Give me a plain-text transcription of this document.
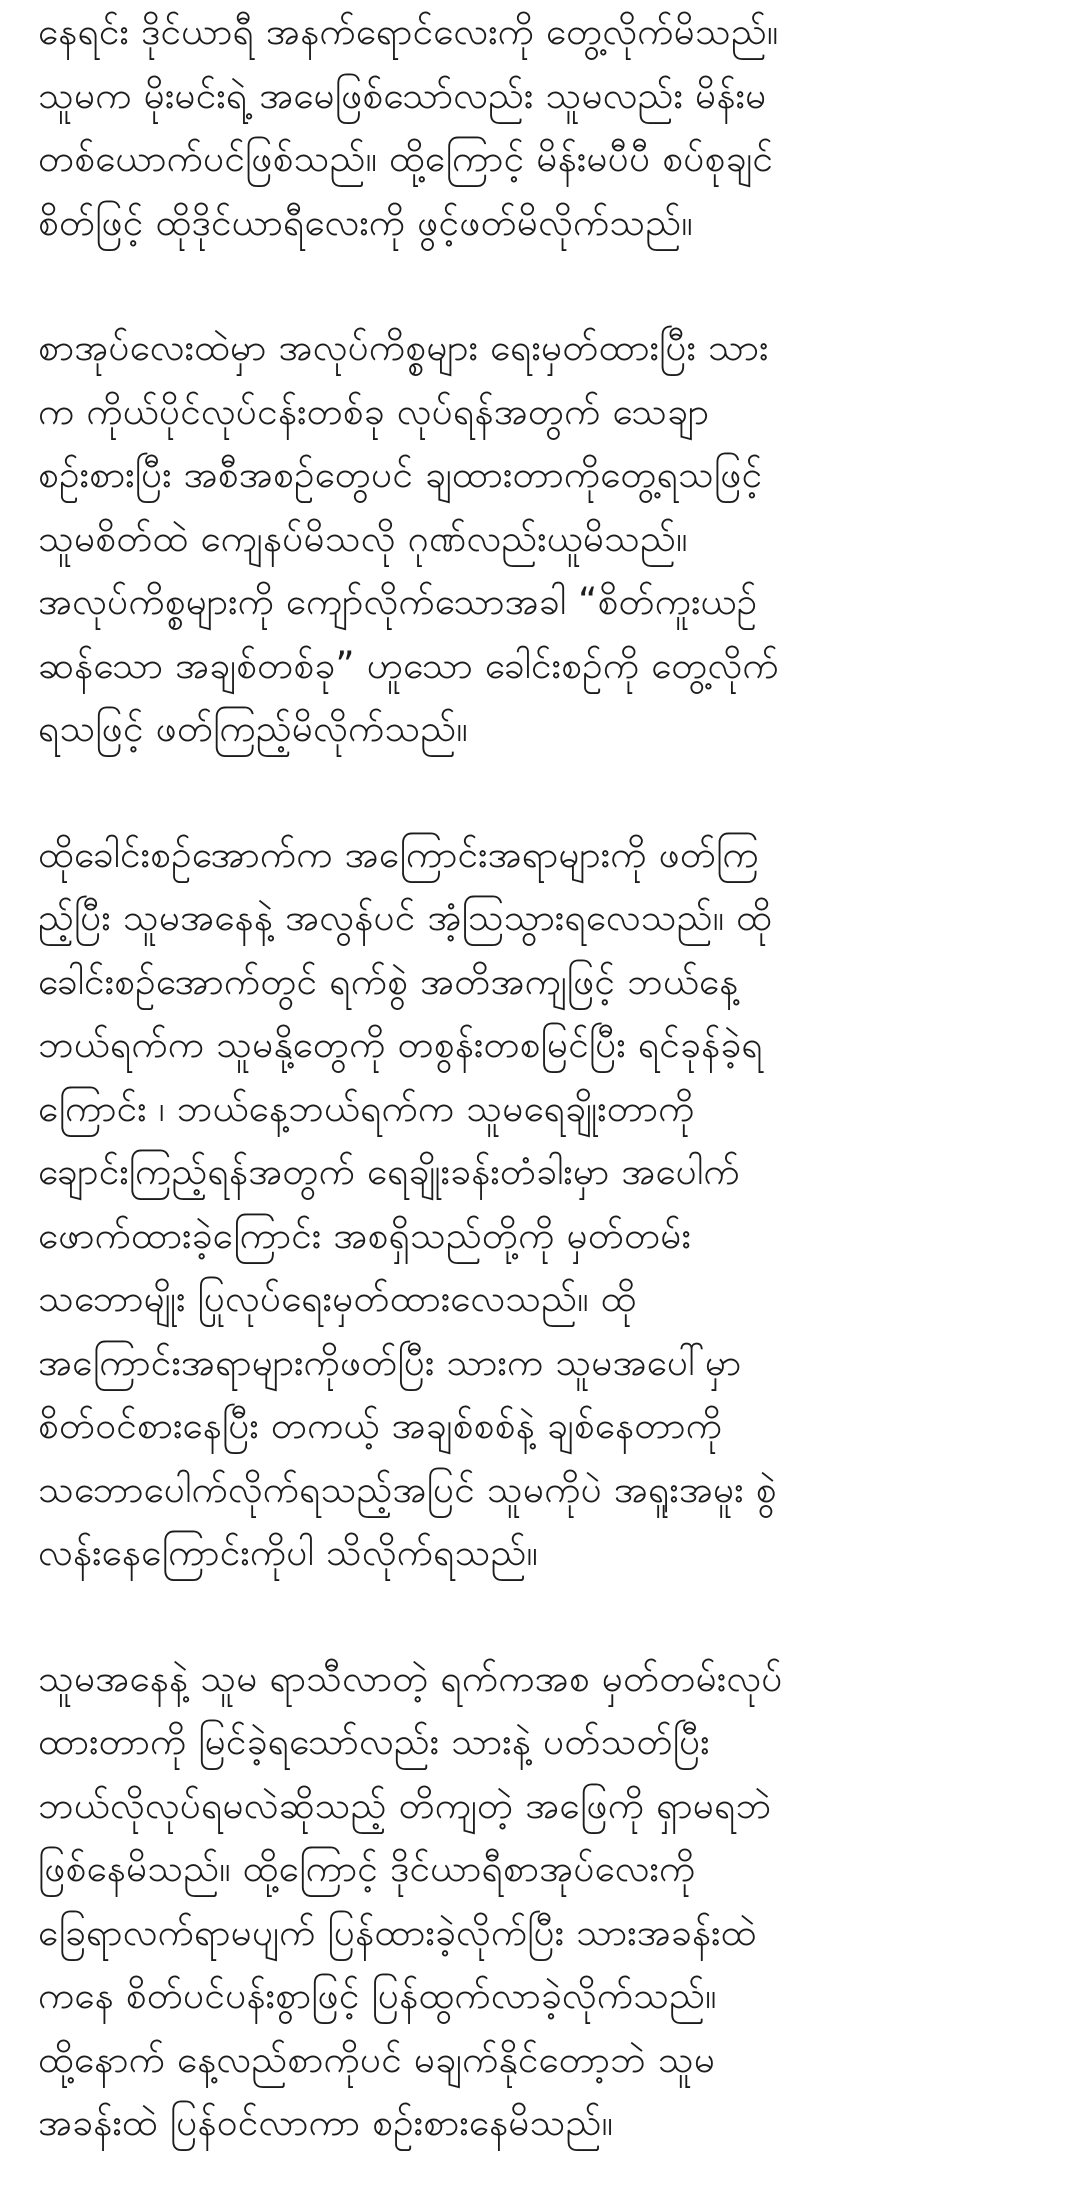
နေရင်း ဒိုင်ယာရီ အနက်ရောင်လေးကို တွေ့လိုက်မိသည်။
သူမက မိုးမင်းရဲ့ အမေဖြစ်သော်လည်း သူမလည်း မိန်းမ
တစ်ယောက်ပင်ဖြစ်သည်။ ထို့ကြောင့် မိန်းမပီပီ စပ်စုချင်
စိတ်ဖြင့် ထိုဒိုင်ယာရီလေးကို ဖွင့်ဖတ်မိလိုက်သည်။

စာအုပ်လေးထဲမှာ အလုပ်ကိစ္စများ ရေးမှတ်ထားပြီး သား
က ကိုယ်ပိုင်လုပ်ငန်းတစ်ခု လုပ်ရန်အတွက် သေချာ
စဉ်းစားပြီး အစီအစဉ်တွေပင် ချထားတာကိုတွေ့ရသဖြင့်
သူမစိတ်ထဲ ကျေနပ်မိသလို ဂုဏ်လည်းယူမိသည်။
အလုပ်ကိစ္စများကို ကျော်လိုက်သောအခါ “စိတ်ကူးယဉ်
ဆန်သော အချစ်တစ်ခု” ဟူသော ခေါင်းစဉ်ကို တွေ့လိုက်
ရသဖြင့် ဖတ်ကြည့်မိလိုက်သည်။

ထိုခေါင်းစဉ်အောက်က အကြောင်းအရာများကို ဖတ်ကြ
ည့်ပြီး သူမအနေနဲ့ အလွန်ပင် အံ့သြသွားရလေသည်။ ထို
ခေါင်းစဉ်အောက်တွင် ရက်စွဲ အတိအကျဖြင့် ဘယ်နေ့
ဘယ်ရက်က သူမနို့တွေကို တစွန်းတစမြင်ပြီး ရင်ခုန်ခဲ့ရ
ကြောင်း ၊ ဘယ်နေ့ဘယ်ရက်က သူမရေချိုးတာကို
ချောင်းကြည့်ရန်အတွက် ရေချိုးခန်းတံခါးမှာ အပေါက်
ဖောက်ထားခဲ့ကြောင်း အစရှိသည်တို့ကို မှတ်တမ်း
သဘောမျိုး ပြုလုပ်ရေးမှတ်ထားလေသည်။ ထို
အကြောင်းအရာများကိုဖတ်ပြီး သားက သူမအပေါ်မှာ
စိတ်ဝင်စားနေပြီး တကယ့် အချစ်စစ်နဲ့ ချစ်နေတာကို
သဘောပေါက်လိုက်ရသည့်အပြင် သူမကိုပဲ အရူးအမူး စွဲ
လန်းနေကြောင်းကိုပါ သိလိုက်ရသည်။

သူမအနေနဲ့ သူမ ရာသီလာတဲ့ ရက်ကအစ မှတ်တမ်းလုပ်
ထားတာကို မြင်ခဲ့ရသော်လည်း သားနဲ့ ပတ်သတ်ပြီး
ဘယ်လိုလုပ်ရမလဲဆိုသည့် တိကျတဲ့ အဖြေကို ရှာမရဘဲ
ဖြစ်နေမိသည်။ ထို့ကြောင့် ဒိုင်ယာရီစာအုပ်လေးကို
ခြေရာလက်ရာမပျက် ပြန်ထားခဲ့လိုက်ပြီး သားအခန်းထဲ
ကနေ စိတ်ပင်ပန်းစွာဖြင့် ပြန်ထွက်လာခဲ့လိုက်သည်။
ထို့နောက် နေ့လည်စာကိုပင် မချက်နိုင်တော့ဘဲ သူမ
အခန်းထဲ ပြန်ဝင်လာကာ စဉ်းစားနေမိသည်။
